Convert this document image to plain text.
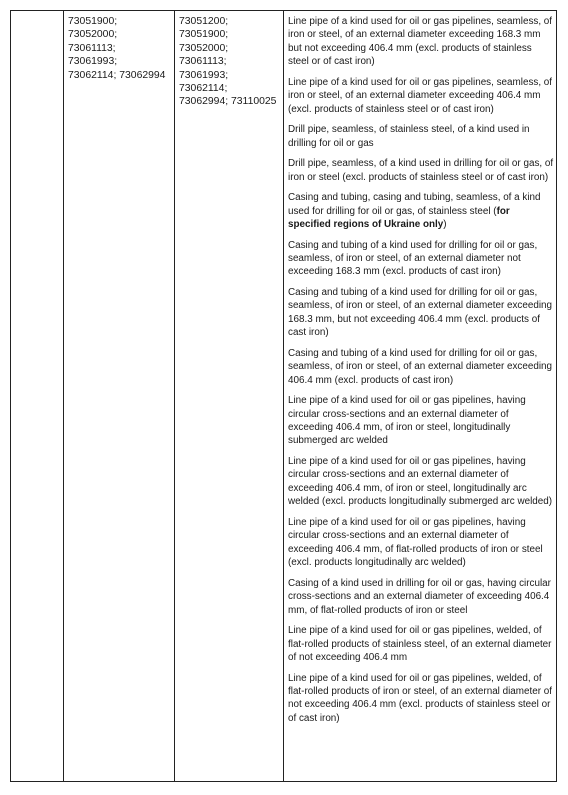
73051900;
73052000;
73061113;
73061993;
73062114; 73062994
73051200;
73051900;
73052000;
73061113;
73061993;
73062114;
73062994; 73110025
Line pipe of a kind used for oil or gas pipelines, seamless, of iron or steel, of an external diameter exceeding 168.3 mm but not exceeding 406.4 mm (excl. products of stainless steel or of cast iron)
Line pipe of a kind used for oil or gas pipelines, seamless, of iron or steel, of an external diameter exceeding 406.4 mm (excl. products of stainless steel or of cast iron)
Drill pipe, seamless, of stainless steel, of a kind used in drilling for oil or gas
Drill pipe, seamless, of a kind used in drilling for oil or gas, of iron or steel (excl. products of stainless steel or of cast iron)
Casing and tubing, casing and tubing, seamless, of a kind used for drilling for oil or gas, of stainless steel (for specified regions of Ukraine only)
Casing and tubing of a kind used for drilling for oil or gas, seamless, of iron or steel, of an external diameter not exceeding 168.3 mm (excl. products of cast iron)
Casing and tubing of a kind used for drilling for oil or gas, seamless, of iron or steel, of an external diameter exceeding 168.3 mm, but not exceeding 406.4 mm (excl. products of cast iron)
Casing and tubing of a kind used for drilling for oil or gas, seamless, of iron or steel, of an external diameter exceeding 406.4 mm (excl. products of cast iron)
Line pipe of a kind used for oil or gas pipelines, having circular cross-sections and an external diameter of exceeding 406.4 mm, of iron or steel, longitudinally submerged arc welded
Line pipe of a kind used for oil or gas pipelines, having circular cross-sections and an external diameter of exceeding 406.4 mm, of iron or steel, longitudinally arc welded (excl. products longitudinally submerged arc welded)
Line pipe of a kind used for oil or gas pipelines, having circular cross-sections and an external diameter of exceeding 406.4 mm, of flat-rolled products of iron or steel (excl. products longitudinally arc welded)
Casing of a kind used in drilling for oil or gas, having circular cross-sections and an external diameter of exceeding 406.4 mm, of flat-rolled products of iron or steel
Line pipe of a kind used for oil or gas pipelines, welded, of flat-rolled products of stainless steel, of an external diameter of not exceeding 406.4 mm
Line pipe of a kind used for oil or gas pipelines, welded, of flat-rolled products of iron or steel, of an external diameter of not exceeding 406.4 mm (excl. products of stainless steel or of cast iron)
